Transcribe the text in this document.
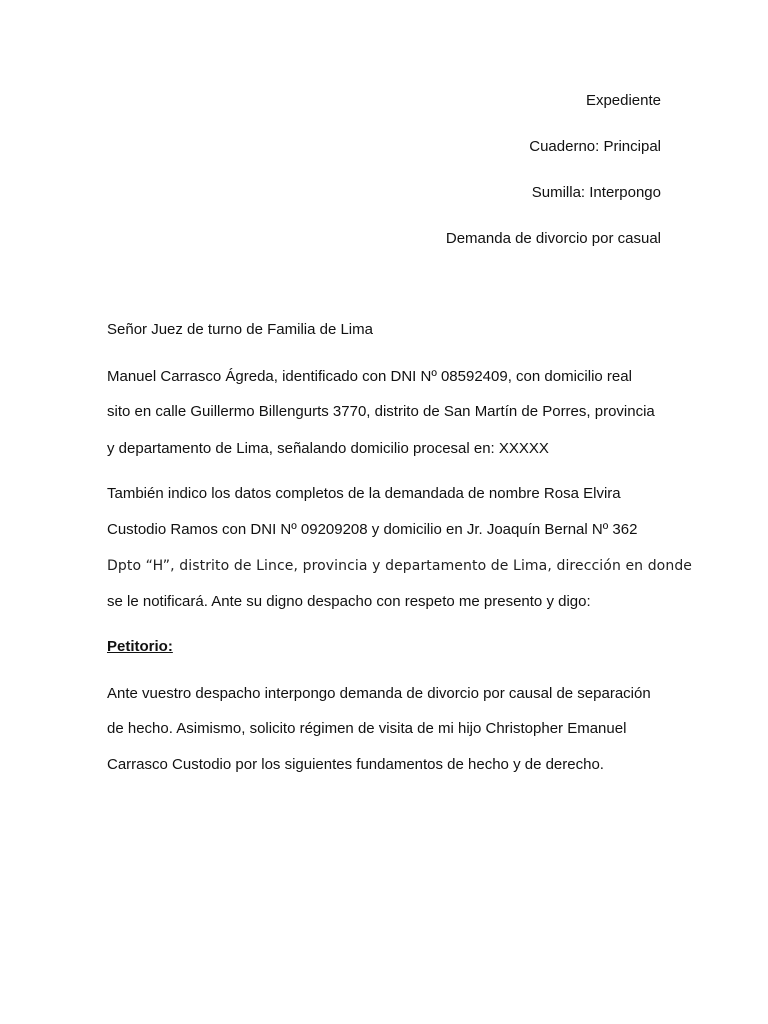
Expediente
Cuaderno: Principal
Sumilla: Interpongo
Demanda de divorcio por casual
Señor Juez de turno de Familia de Lima
Manuel Carrasco Ágreda, identificado con DNI Nº 08592409, con domicilio real
sito en calle Guillermo Billengurts 3770, distrito de San Martín de Porres, provincia
y departamento de Lima, señalando domicilio procesal en: XXXXX
También indico los datos completos de la demandada de nombre Rosa Elvira
Custodio Ramos con DNI Nº 09209208 y domicilio en Jr. Joaquín Bernal Nº 362
Dpto “H”, distrito de Lince, provincia y departamento de Lima, dirección en donde
se le notificará. Ante su digno despacho con respeto me presento y digo:
Petitorio:
Ante vuestro despacho interpongo demanda de divorcio por causal de separación
de hecho. Asimismo, solicito régimen de visita de mi hijo Christopher Emanuel
Carrasco Custodio por los siguientes fundamentos de hecho y de derecho.
